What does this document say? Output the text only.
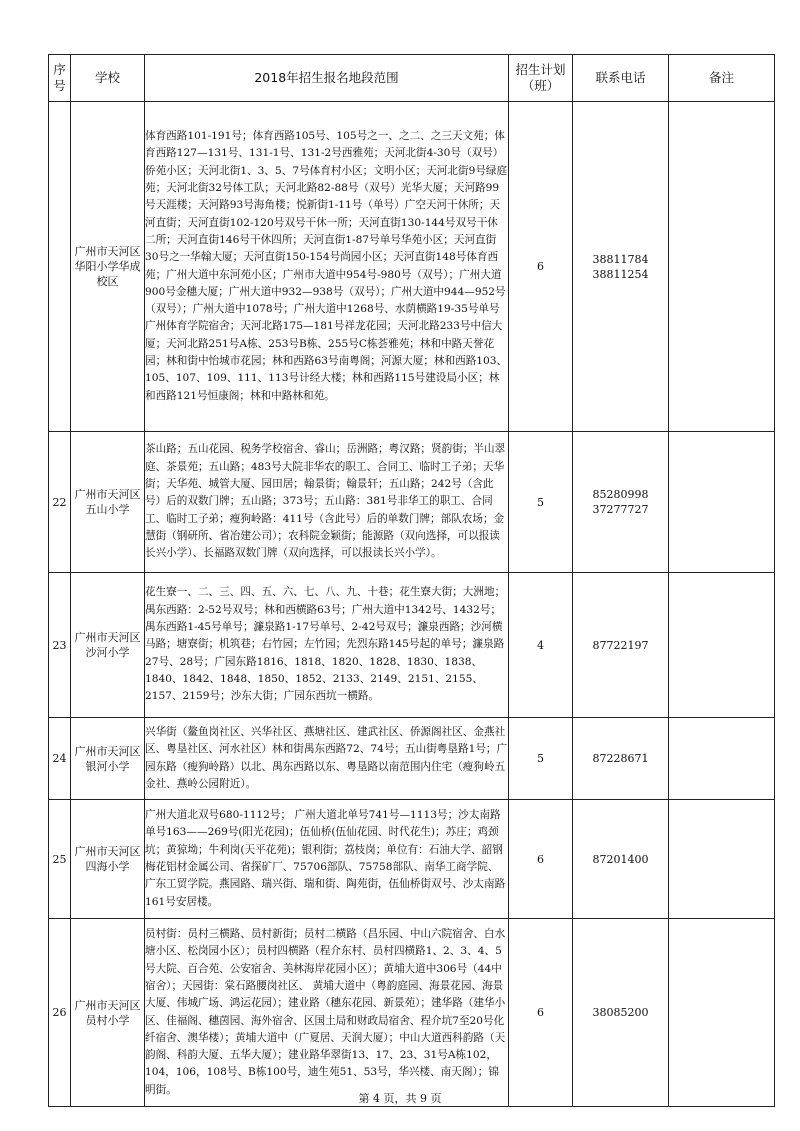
序号	学校	2018年招生报名地段范围	招生计划（班）	联系电话	备注
	广州市天河区华阳小学华成校区	体育西路101-191号；体育西路105号、105号之一、之二、之三天文苑；体育西路127—131号、131-1号、131-2号西雅苑；天河北街4-30号（双号）侨苑小区；天河北街1、3、5、7号体育村小区；文明小区；天河北街9号绿庭苑；天河北街32号体工队；天河北路82-88号（双号）光华大厦；天河路99号天涯楼；天河路93号海角楼；悦新街1-11号（单号）广空天河干休所；天河直街；天河直街102-120号双号干休一所；天河直街130-144号双号干休二所；天河直街146号干休四所；天河直街1-87号单号华苑小区；天河直街30号之一华翰大厦；天河直街150-154号尚园小区；天河直街148号体育西苑；广州大道中东河苑小区；广州市大道中954号-980号（双号）；广州大道900号金穗大厦；广州大道中932—938号（双号）；广州大道中944—952号（双号）；广州大道中1078号；广州大道中1268号、水荫横路19-35号单号广州体育学院宿舍；天河北路175—181号祥龙花园；天河北路233号中信大厦；天河北路251号A栋、253号B栋、255号C栋荟雅苑；林和中路天誉花园；林和街中怡城市花园；林和西路63号南粤阁；河源大厦；林和西路103、105、107、109、111、113号计经大楼；林和西路115号建设局小区；林和西路121号恒康阁；林和中路林和苑。	6	38811784
38811254	

22	广州市天河区五山小学	茶山路；五山花园、税务学校宿舍、睿山；岳洲路；粤汉路；贤韵街；半山翠庭、茶景苑；五山路；483号大院非华农的职工、合同工、临时工子弟；天华街；天华苑、城管大厦、园田居；翰景街；翰景轩；五山路；242号（含此号）后的双数门牌；五山路；373号；五山路：381号非华工的职工、合同工、临时工子弟；瘦狗岭路：411号（含此号）后的单数门牌；部队农场；金慧街（钢研所、省冶建公司）；农科院金颖街；能源路（双向选择，可以报读长兴小学）、长福路双数门牌（双向选择，可以报读长兴小学）。	5	85280998
37277727	

23	广州市天河区沙河小学	花生寮一、二、三、四、五、六、七、八、九、十巷；花生寮大街；大洲地；禺东西路：2-52号双号；林和西横路63号；广州大道中1342号、1432号；禺东西路1-45号单号；濂泉路1-17号单号、2-42号双号；濂泉西路；沙河横马路；塘寮街；机筑巷；右竹园；左竹园；先烈东路145号起的单号；濂泉路27号、28号；广园东路1816、1818、1820、1828、1830、1838、1840、1842、1848、1850、1852、2133、2149、2151、2155、2157、2159号；沙东大街；广园东西坑一横路。	4	87722197	

24	广州市天河区银河小学	兴华街（鳌鱼岗社区、兴华社区、燕塘社区、建武社区、侨源阁社区、金燕社区、粤垦社区、河水社区）林和街禺东西路72、74号；五山街粤垦路1号；广园东路（瘦狗岭路）以北、禺东西路以东、粤垦路以南范围内住宅（瘦狗岭五金社、燕岭公园附近）。	5	87228671	

25	广州市天河区四海小学	广州大道北双号680-1112号； 广州大道北单号741号—1113号；沙太南路单号163——269号(阳光花园)；伍仙桥(伍仙花园、时代花生)；苏庄；鸡颈坑；黄猄坳；牛利岗(天平花苑)；银利街；荔枝岗；单位有：石油大学、韶钢梅花铝材金属公司、省探矿厂、75706部队、75758部队、南华工商学院、广东工贸学院。燕园路、瑞兴街、瑞和街、陶苑街，伍仙桥街双号、沙太南路161号安居楼。	6	87201400	

26	广州市天河区员村小学	员村街：员村三横路、员村新街；员村二横路（昌乐园、中山六院宿舍、白水塘小区、松岗园小区）；员村四横路（程介东村、员村四横路1、2、3、4、5号大院、百合苑、公安宿舍、美林海岸花园小区）；黄埔大道中306号（44中宿舍）；天园街：棠石路腰岗社区、 黄埔大道中（粤韵庭园、海景花园、海景大厦、伟城广场、鸿运花园）；建业路（穗东花园、新景苑）；建华路（建华小区、佳福阁、穗茵园、海外宿舍、区国土局和财政局宿舍、程介坑7至20号化纤宿舍、澳华楼）；黄埔大道中（广夏居、天润大厦）；中山大道西科韵路（天韵阁、科韵大厦、五华大厦）；建业路华翠街13、17、23、31号A栋102，104，106，108号、B栋100号，迪生苑51、53号，华兴楼、南天阁）；锦明街。	6	38085200	

第 4 页，共 9 页
